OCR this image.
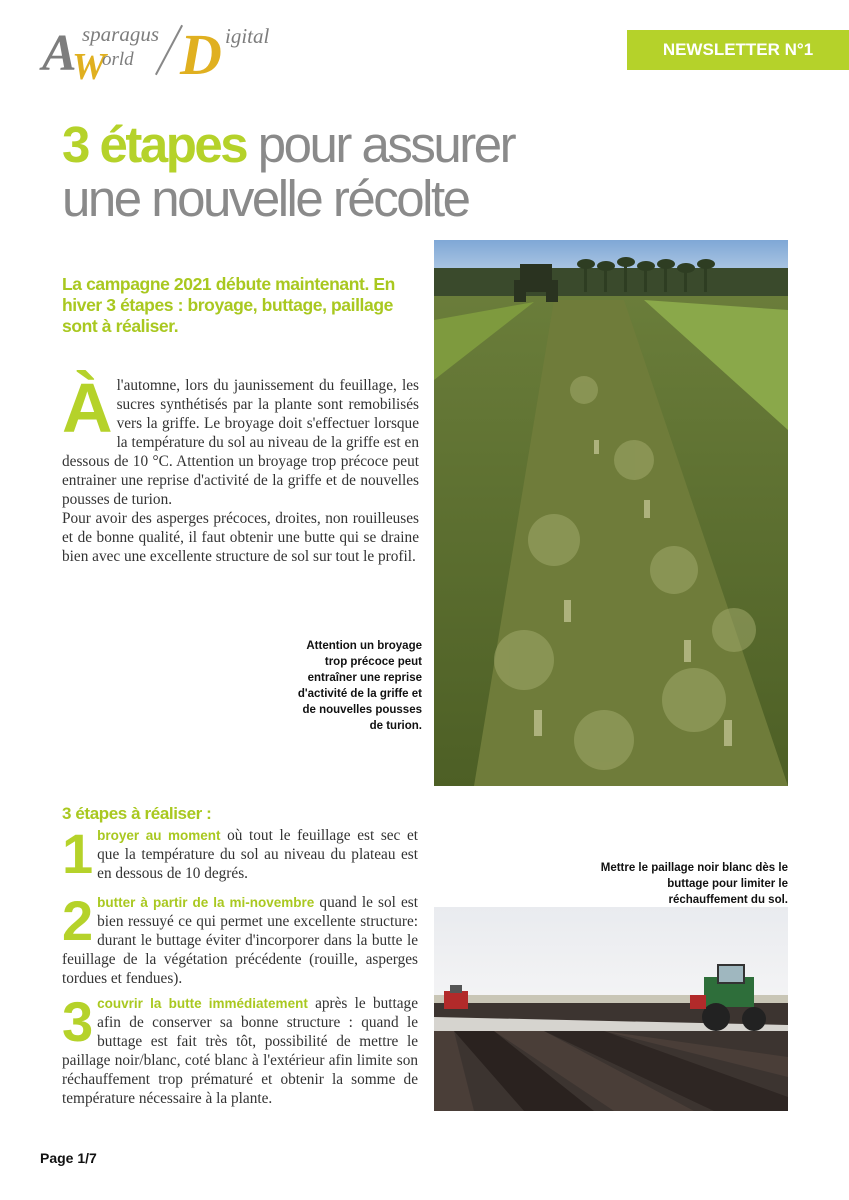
A sparagus
W
orld D igital
NEWSLETTER N°1
3 étapes pour assurer
une nouvelle récolte
La campagne 2021 débute maintenant. En hiver 3 étapes : broyage, buttage, paillage sont à réaliser.
À l'automne, lors du jaunissement du feuillage, les sucres synthétisés par la plante sont remobilisés vers la griffe. Le broyage doit s'effectuer lorsque la température du sol au niveau de la griffe est en dessous de 10 °C. Attention un broyage trop précoce peut entrainer une reprise d'activité de la griffe et de nouvelles pousses de turion.

Pour avoir des asperges précoces, droites, non rouilleuses et de bonne qualité, il faut obtenir une butte qui se draine bien avec une excellente structure de sol sur tout le profil.

Attention un broyage trop précoce peut entraîner une reprise d'activité de la griffe et de nouvelles pousses de turion.
3 étapes à réaliser :
1 broyer au moment où tout le feuillage est sec et que la température du sol au niveau du plateau est en dessous de 10 degrés.
2 butter à partir de la mi-novembre quand le sol est bien ressuyé ce qui permet une excellente structure: durant le buttage éviter d'incorporer dans la butte le feuillage de la végétation précédente (rouille, asperges tordues et fendues).
3 couvrir la butte immédiatement après le buttage afin de conserver sa bonne structure : quand le buttage est fait très tôt, possibilité de mettre le paillage noir/blanc, coté blanc à l'extérieur afin limite son réchauffement trop prématuré et obtenir la somme de température nécessaire à la plante.
Mettre le paillage noir blanc dès le buttage pour limiter le réchauffement du sol.
Page 1/7
